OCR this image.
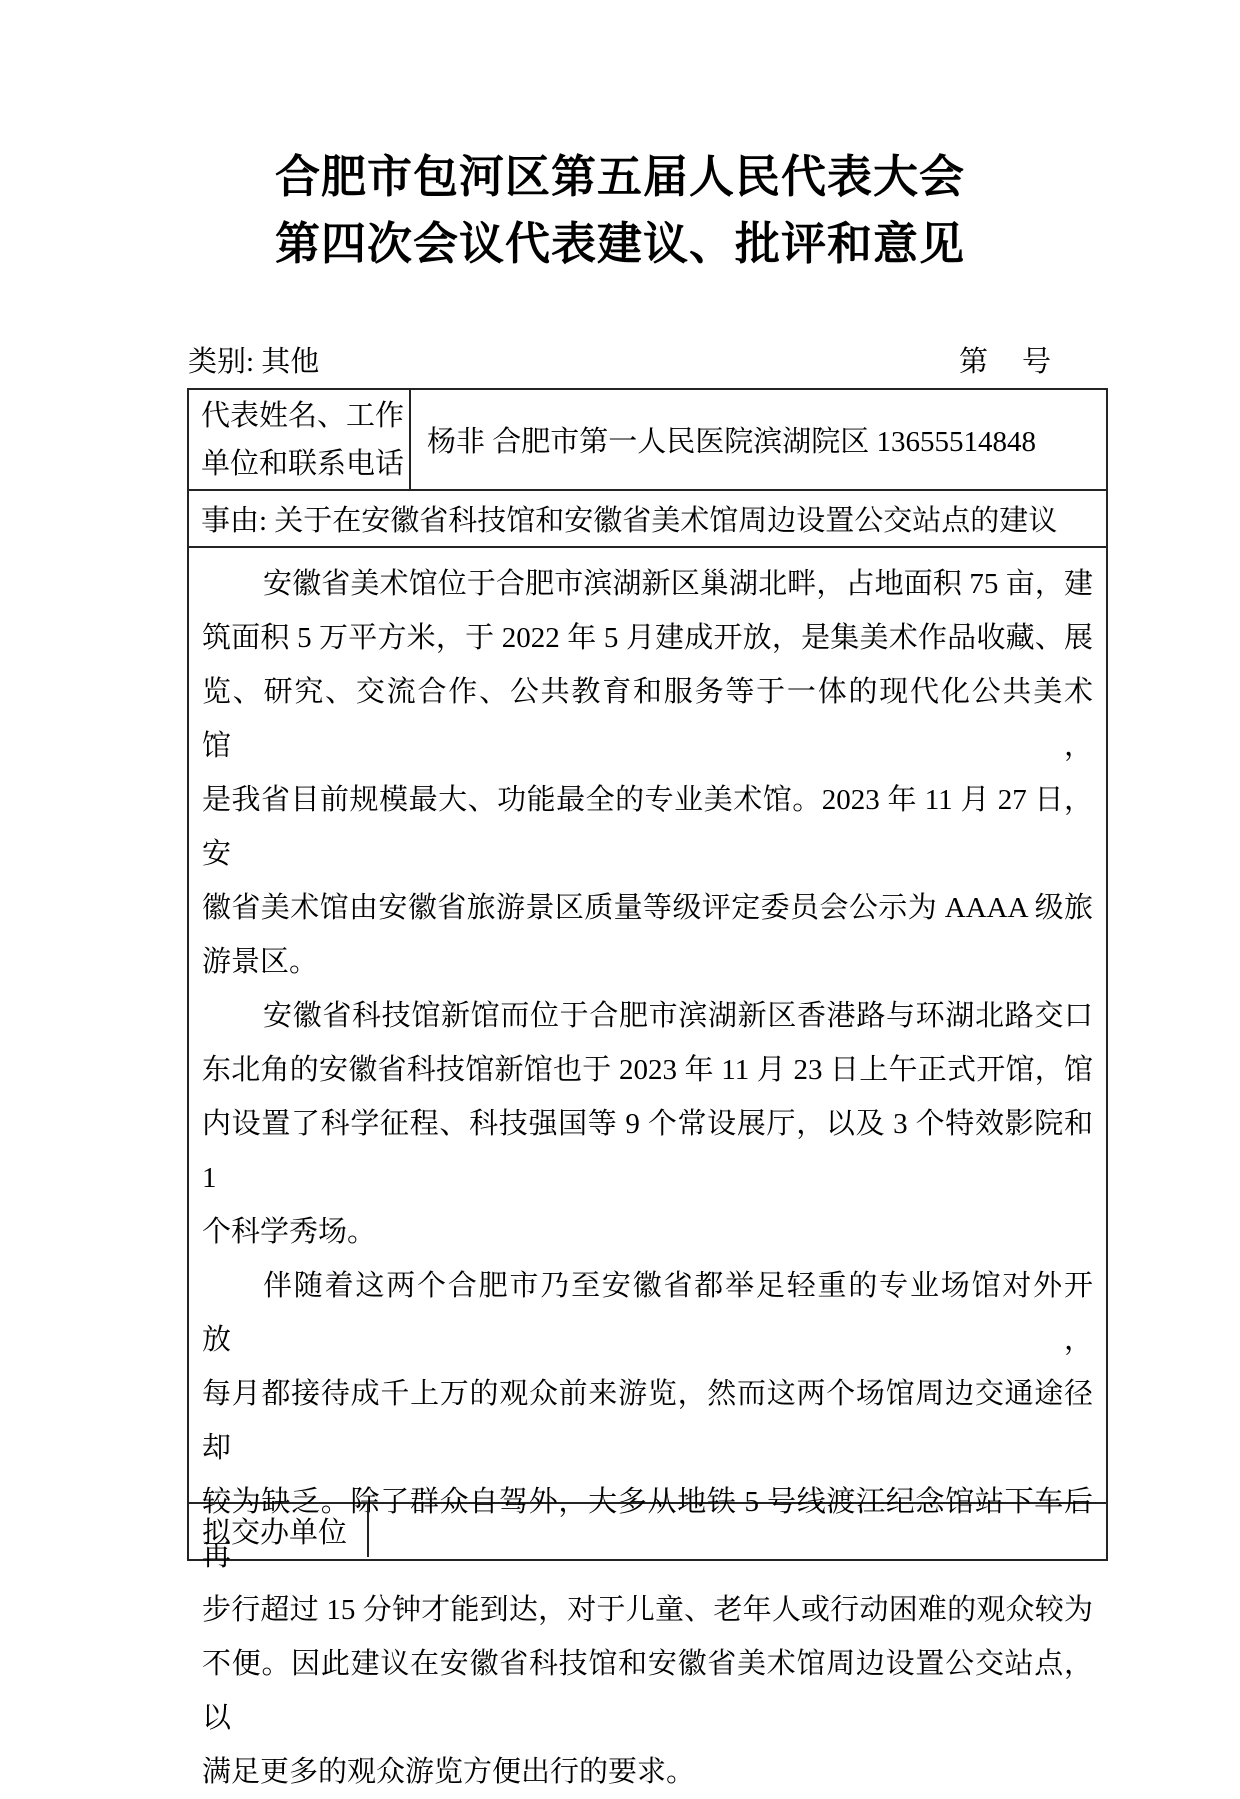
合肥市包河区第五届人民代表大会
第四次会议代表建议、批评和意见
类别: 其他	第 号
代表姓名、工作
单位和联系电话
杨非 合肥市第一人民医院滨湖院区 13655514848
事由: 关于在安徽省科技馆和安徽省美术馆周边设置公交站点的建议
安徽省美术馆位于合肥市滨湖新区巢湖北畔，占地面积 75 亩，建
筑面积 5 万平方米，于 2022 年 5 月建成开放，是集美术作品收藏、展
览、研究、交流合作、公共教育和服务等于一体的现代化公共美术馆，
是我省目前规模最大、功能最全的专业美术馆。2023 年 11 月 27 日，安
徽省美术馆由安徽省旅游景区质量等级评定委员会公示为 AAAA 级旅
游景区。
安徽省科技馆新馆而位于合肥市滨湖新区香港路与环湖北路交口
东北角的安徽省科技馆新馆也于 2023 年 11 月 23 日上午正式开馆，馆
内设置了科学征程、科技强国等 9 个常设展厅，以及 3 个特效影院和 1
个科学秀场。
伴随着这两个合肥市乃至安徽省都举足轻重的专业场馆对外开放，
每月都接待成千上万的观众前来游览，然而这两个场馆周边交通途径却
较为缺乏。除了群众自驾外，大多从地铁 5 号线渡江纪念馆站下车后再
步行超过 15 分钟才能到达，对于儿童、老年人或行动困难的观众较为
不便。因此建议在安徽省科技馆和安徽省美术馆周边设置公交站点，以
满足更多的观众游览方便出行的要求。
拟交办单位
